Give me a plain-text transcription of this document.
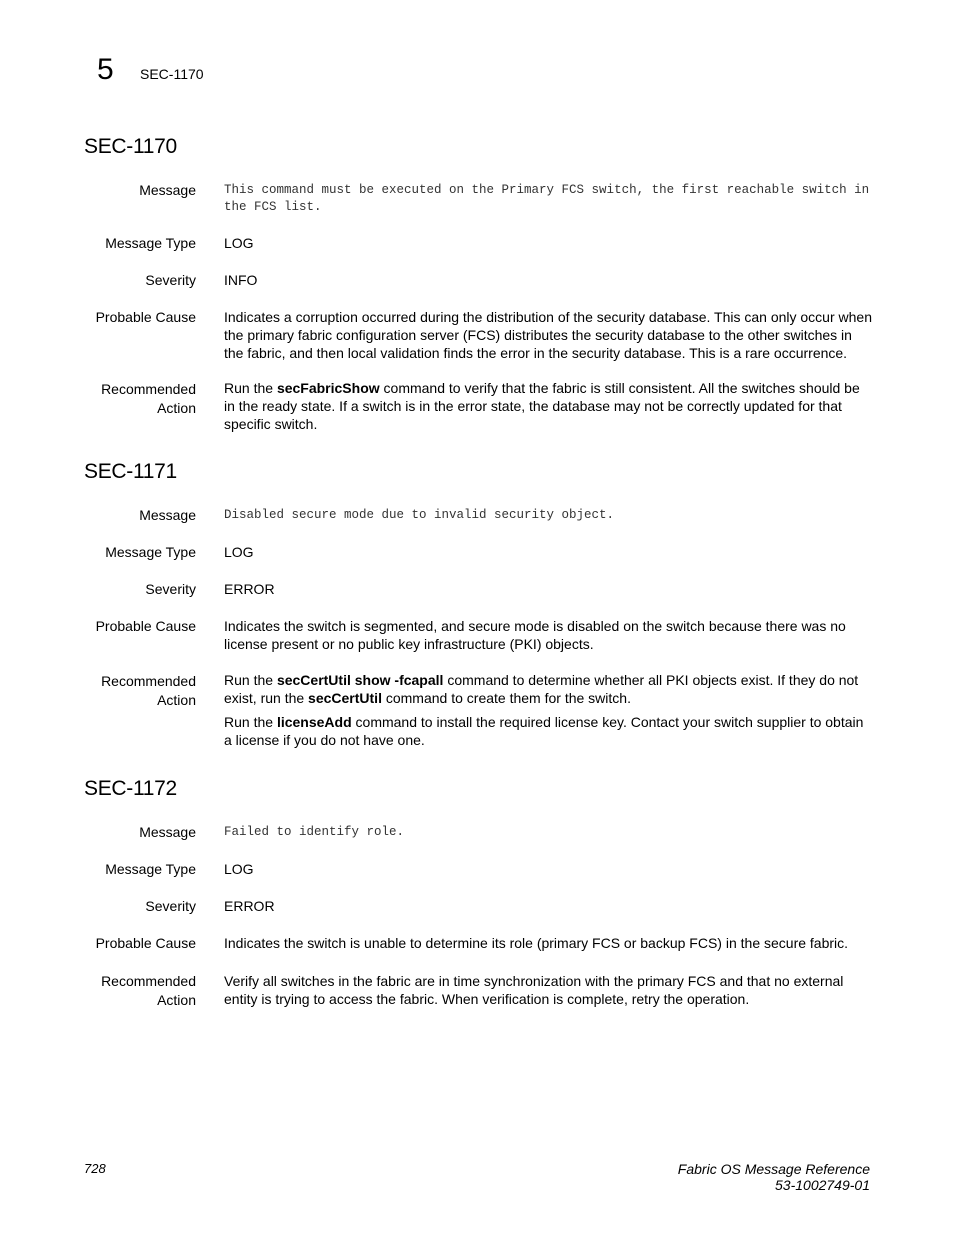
5 SEC-1170
SEC-1170
Message This command must be executed on the Primary FCS switch, the first reachable switch in the FCS list.
Message Type LOG
Severity INFO
Probable Cause Indicates a corruption occurred during the distribution of the security database. This can only occur when the primary fabric configuration server (FCS) distributes the security database to the other switches in the fabric, and then local validation finds the error in the security database. This is a rare occurrence.
Recommended
Action
Run the secFabricShow command to verify that the fabric is still consistent. All the switches should be in the ready state. If a switch is in the error state, the database may not be correctly updated for that specific switch.
SEC-1171
Message Disabled secure mode due to invalid security object.
Message Type LOG
Severity ERROR
Probable Cause Indicates the switch is segmented, and secure mode is disabled on the switch because there was no license present or no public key infrastructure (PKI) objects.
Recommended
Action
Run the secCertUtil show -fcapall command to determine whether all PKI objects exist. If they do not exist, run the secCertUtil command to create them for the switch.
Run the licenseAdd command to install the required license key. Contact your switch supplier to obtain a license if you do not have one.
SEC-1172
Message Failed to identify role.
Message Type LOG
Severity ERROR
Probable Cause Indicates the switch is unable to determine its role (primary FCS or backup FCS) in the secure fabric.
Recommended
Action
Verify all switches in the fabric are in time synchronization with the primary FCS and that no external entity is trying to access the fabric. When verification is complete, retry the operation.
728	Fabric OS Message Reference
53-1002749-01
